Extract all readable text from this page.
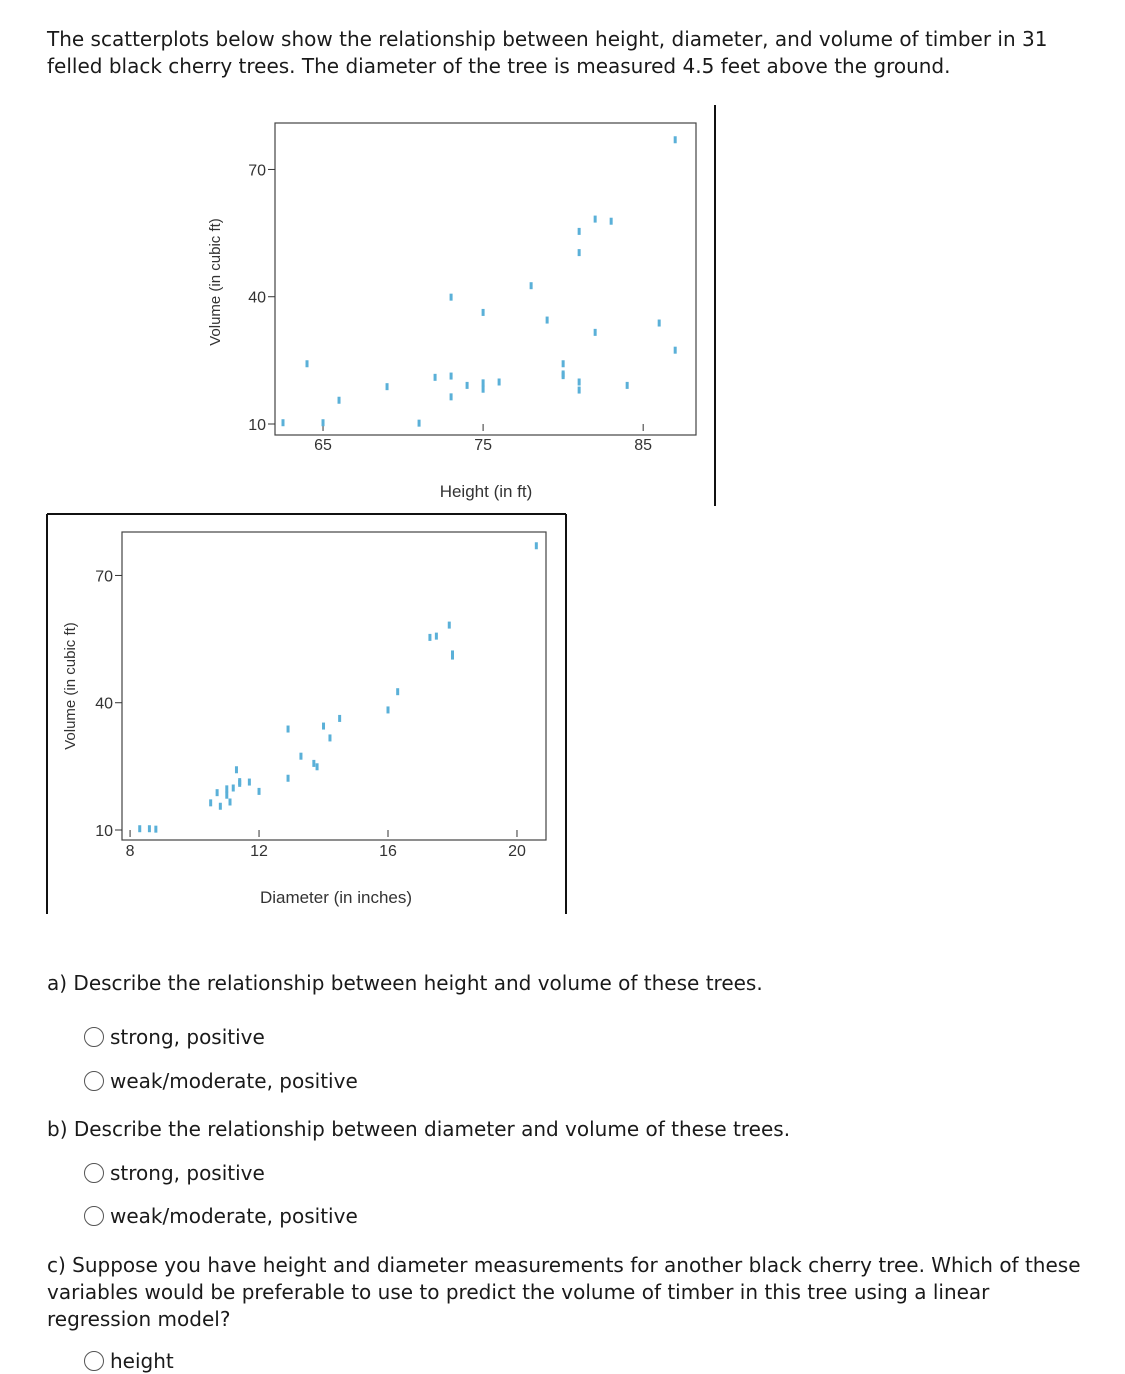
The scatterplots below show the relationship between height, diameter, and volume of timber in 31 felled black cherry trees. The diameter of the tree is measured 4.5 feet above the ground.

Height (in ft)
Volume (in cubic ft)
65	75	85
10
40
70
Diameter (in inches)
Volume (in cubic ft)
8	12	16	20
10
40
70

a) Describe the relationship between height and volume of these trees.

strong, positive
weak/moderate, positive

b) Describe the relationship between diameter and volume of these trees.

strong, positive
weak/moderate, positive

c) Suppose you have height and diameter measurements for another black cherry tree. Which of these variables would be preferable to use to predict the volume of timber in this tree using a linear regression model?

height
